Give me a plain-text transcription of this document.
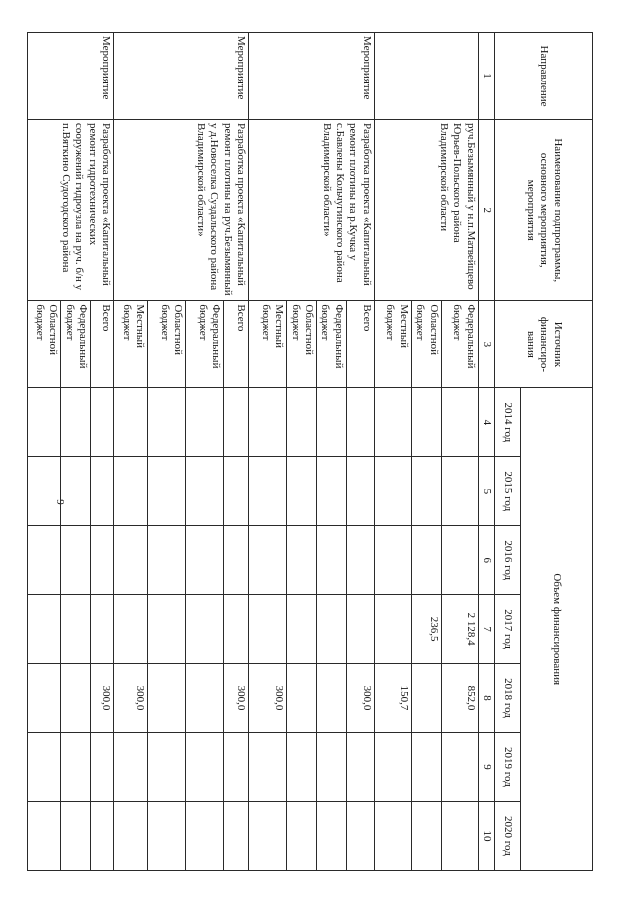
9
Направление	Наименование подпрограммы, основного мероприятия, мероприятия	Источник финансиро-вания	Объем финансирования						
			2014 год	2015 год	2016 год	2017 год	2018 год	2019 год	2020 год
1	2	3	4	5	6	7	8	9	10
	руч.Безымянный у н.п.Матвейщево Юрьев-Польского района Владимирской области	Федеральный бюджет				2 128,4	852,0		
		Областной бюджет				236,5			
		Местный бюджет					150,7		
Мероприятие	Разработка проекта «Капитальный ремонт плотины на р.Кучка у с.Бавлены Кольчугинского района Владимирской области»	Всего					300,0		
		Федеральный бюджет							
		Областной бюджет							
		Местный бюджет					300,0		
Мероприятие	Разработка проекта «Капитальный ремонт плотины на руч.Безымянный у д.Новоселка Суздальского района Владимирской области»	Всего					300,0		
		Федеральный бюджет							
		Областной бюджет							
		Местный бюджет					300,0		
Мероприятие	Разработка проекта «Капитальный ремонт гидротехнических сооружений гидроузла на руч. б/н у п.Вяткино Судогодского района	Всего					300,0		
		Федеральный бюджет							
		Областной бюджет							
